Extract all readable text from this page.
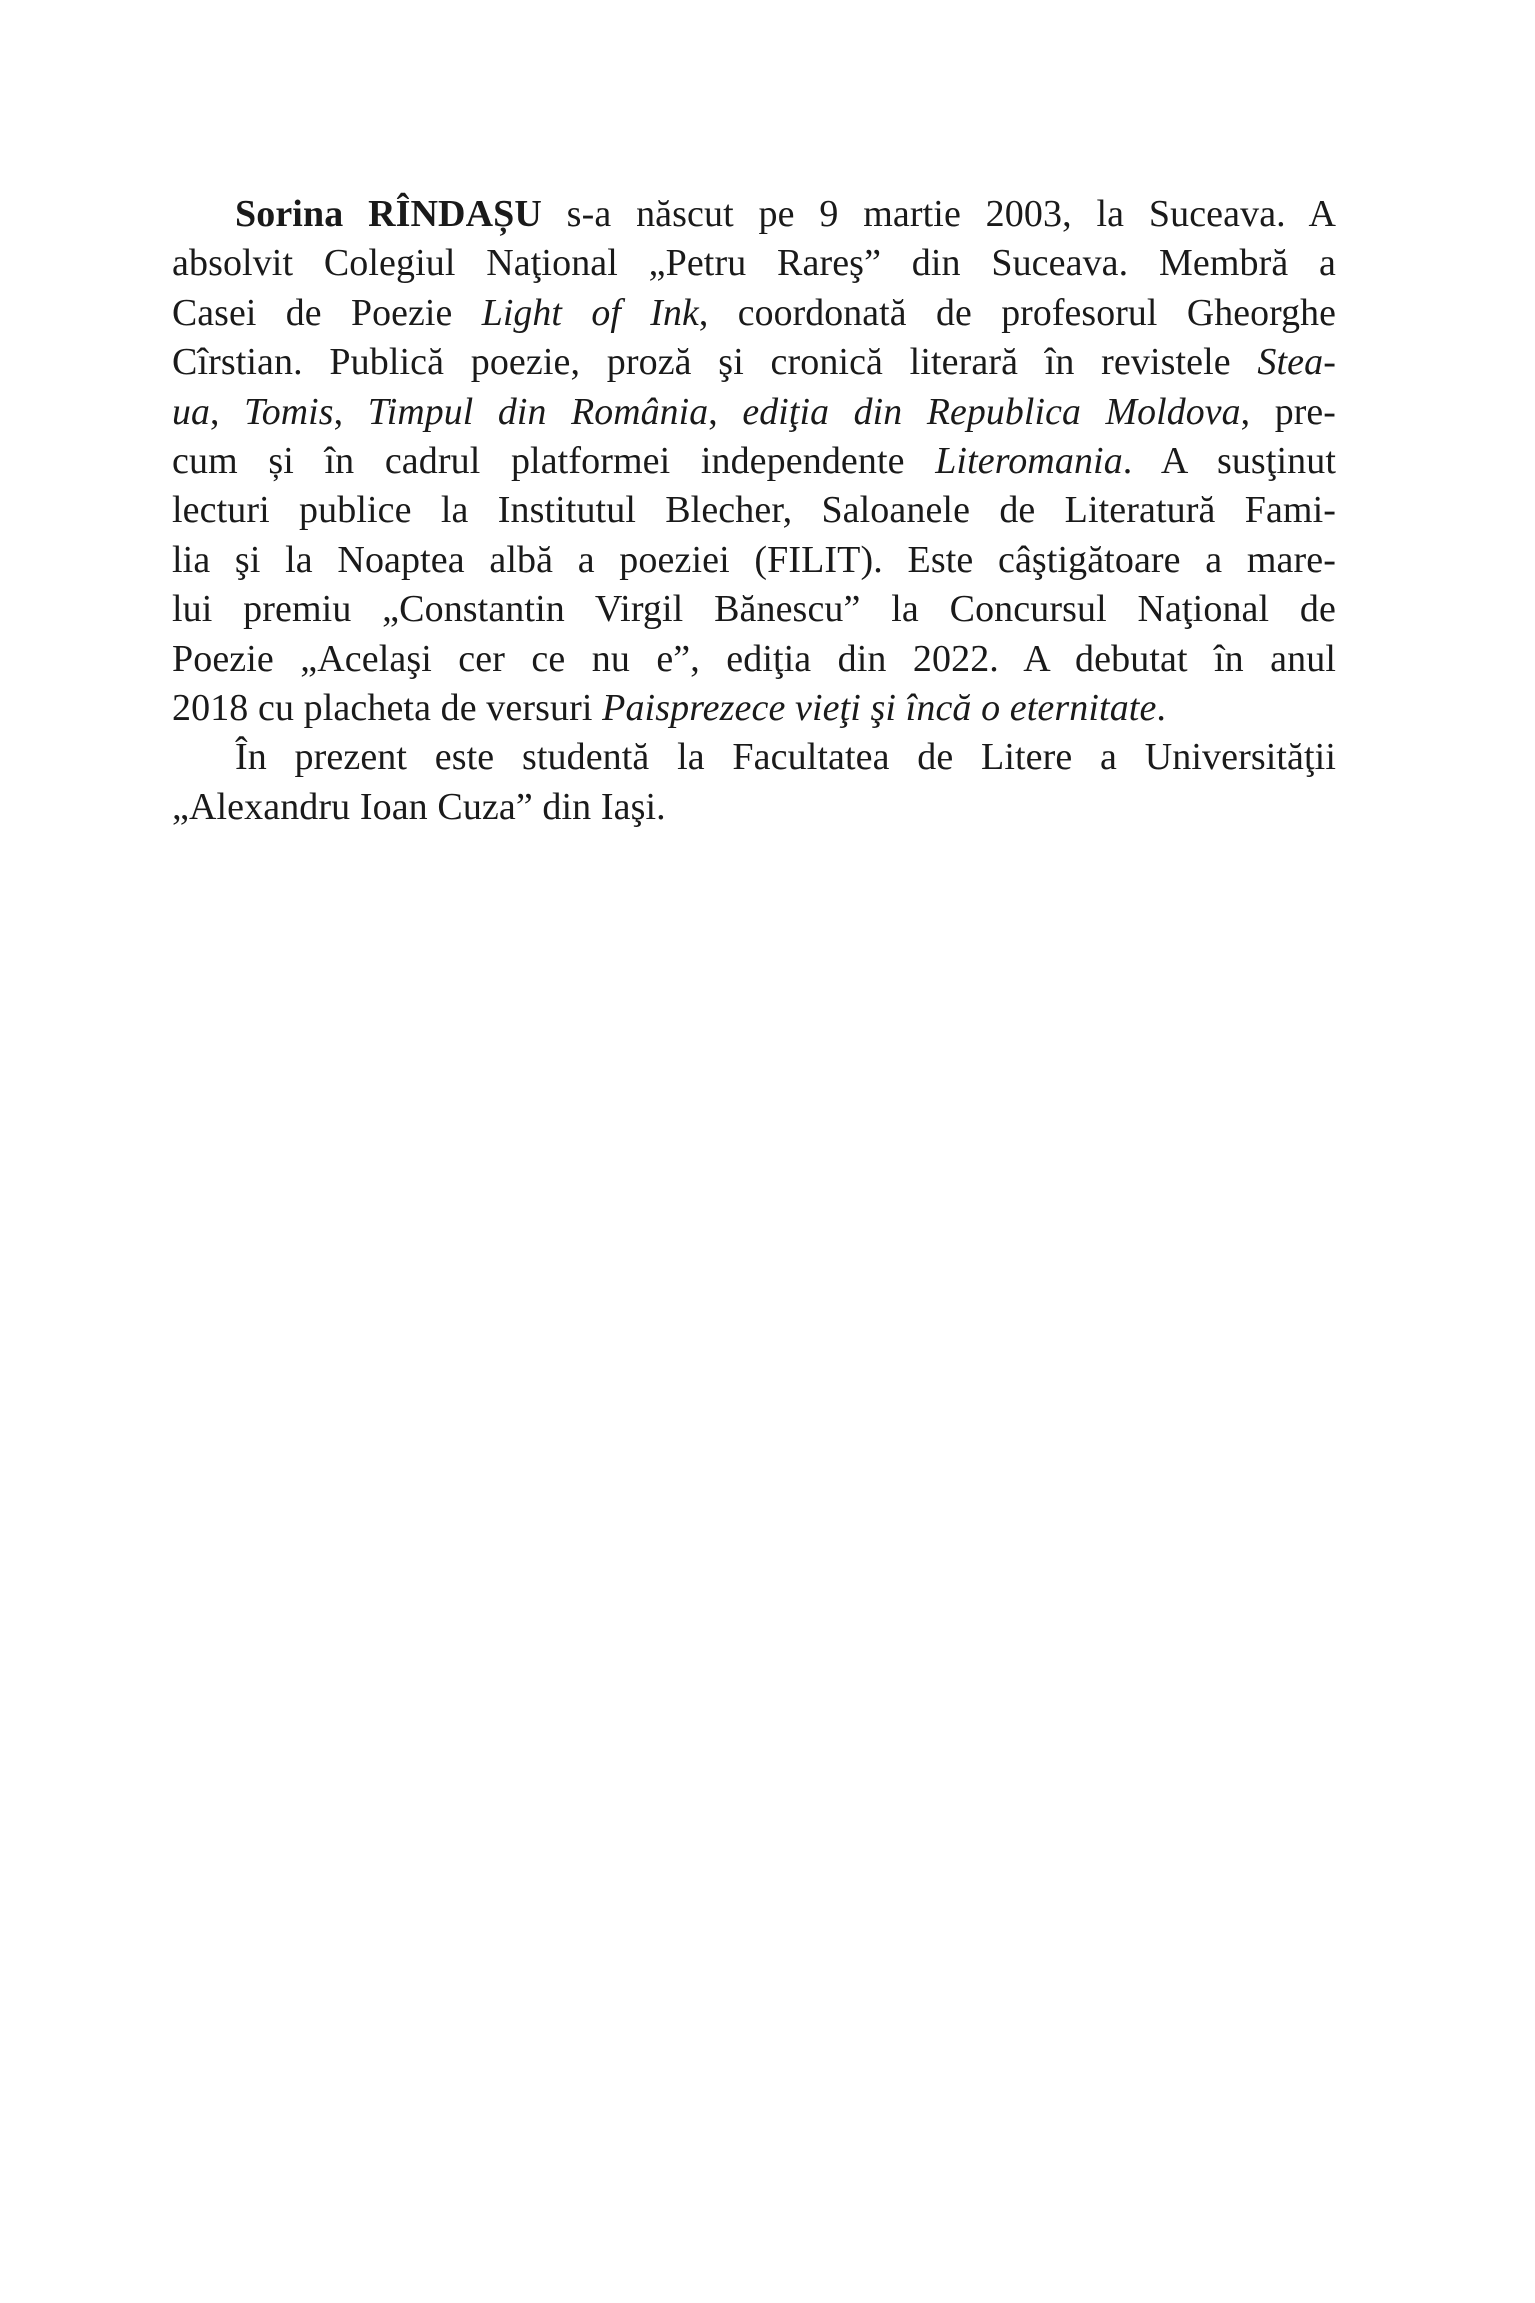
Sorina RÎNDAȘU s-a născut pe 9 martie 2003, la Suceava. A
absolvit Colegiul Naţional „Petru Rareş” din Suceava. Membră a
Casei de Poezie Light of Ink, coordonată de profesorul Gheorghe
Cîrstian. Publică poezie, proză şi cronică literară în revistele Stea-
ua, Tomis, Timpul din România, ediţia din Republica Moldova, pre-
cum și în cadrul platformei independente Literomania. A susţinut
lecturi publice la Institutul Blecher, Saloanele de Literatură Fami-
lia şi la Noaptea albă a poeziei (FILIT). Este câştigătoare a mare-
lui premiu „Constantin Virgil Bănescu” la Concursul Naţional de
Poezie „Acelaşi cer ce nu e”, ediţia din 2022. A debutat în anul
2018 cu placheta de versuri Paisprezece vieţi şi încă o eternitate.
În prezent este studentă la Facultatea de Litere a Universităţii
„Alexandru Ioan Cuza” din Iaşi.
